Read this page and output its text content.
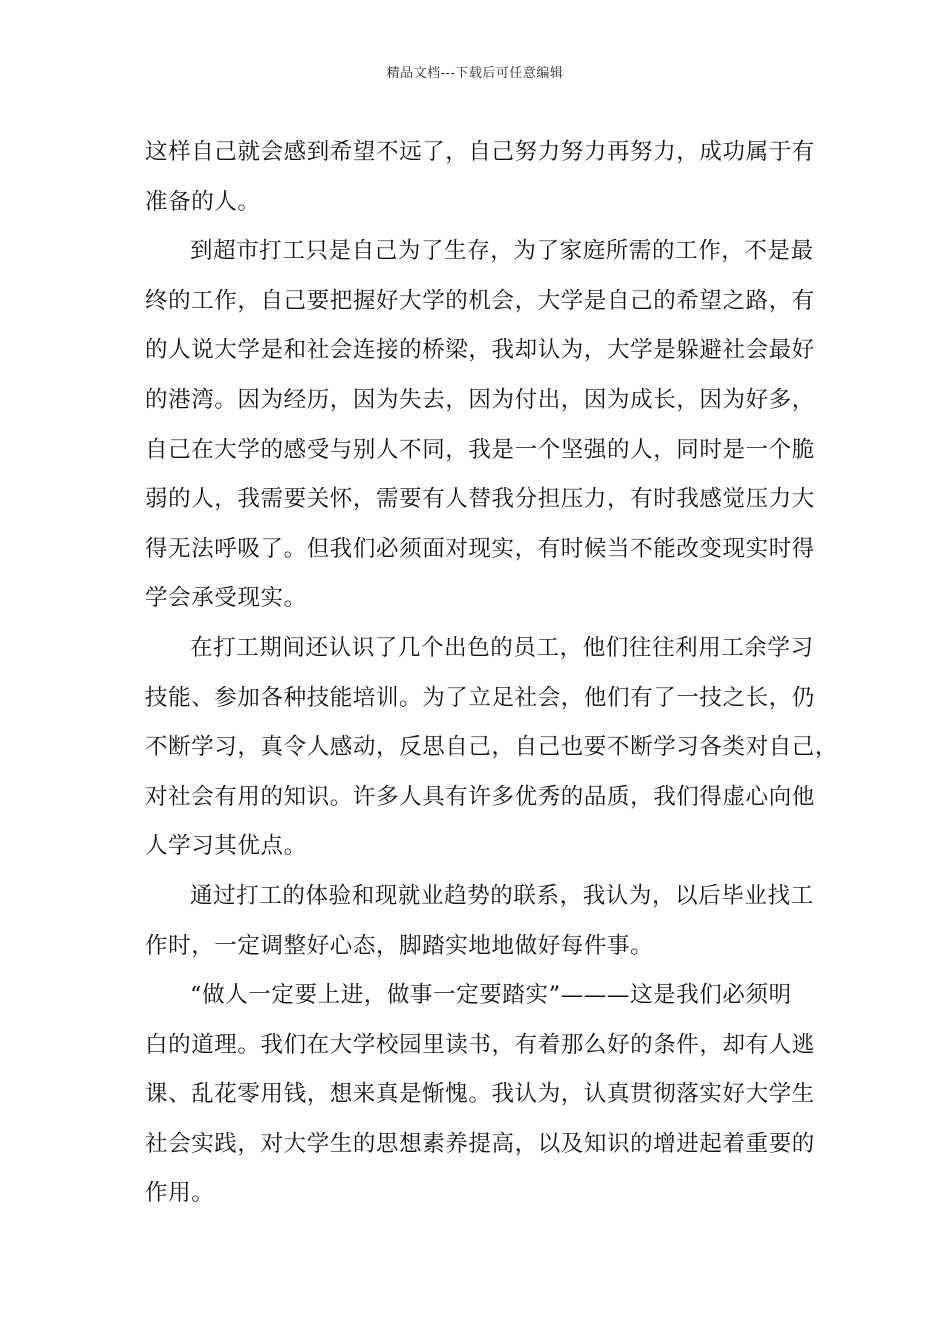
精品文档---下载后可任意编辑
这样自己就会感到希望不远了，自己努力努力再努力，成功属于有
准备的人。
到超市打工只是自己为了生存，为了家庭所需的工作，不是最
终的工作，自己要把握好大学的机会，大学是自己的希望之路，有
的人说大学是和社会连接的桥梁，我却认为，大学是躲避社会最好
的港湾。因为经历，因为失去，因为付出，因为成长，因为好多，
自己在大学的感受与别人不同，我是一个坚强的人，同时是一个脆
弱的人，我需要关怀，需要有人替我分担压力，有时我感觉压力大
得无法呼吸了。但我们必须面对现实，有时候当不能改变现实时得
学会承受现实。
在打工期间还认识了几个出色的员工，他们往往利用工余学习
技能、参加各种技能培训。为了立足社会，他们有了一技之长，仍
不断学习，真令人感动，反思自己，自己也要不断学习各类对自己，
对社会有用的知识。许多人具有许多优秀的品质，我们得虚心向他
人学习其优点。
通过打工的体验和现就业趋势的联系，我认为，以后毕业找工
作时，一定调整好心态，脚踏实地地做好每件事。
“做人一定要上进，做事一定要踏实”———这是我们必须明
白的道理。我们在大学校园里读书，有着那么好的条件，却有人逃
课、乱花零用钱，想来真是惭愧。我认为，认真贯彻落实好大学生
社会实践，对大学生的思想素养提高，以及知识的增进起着重要的
作用。
